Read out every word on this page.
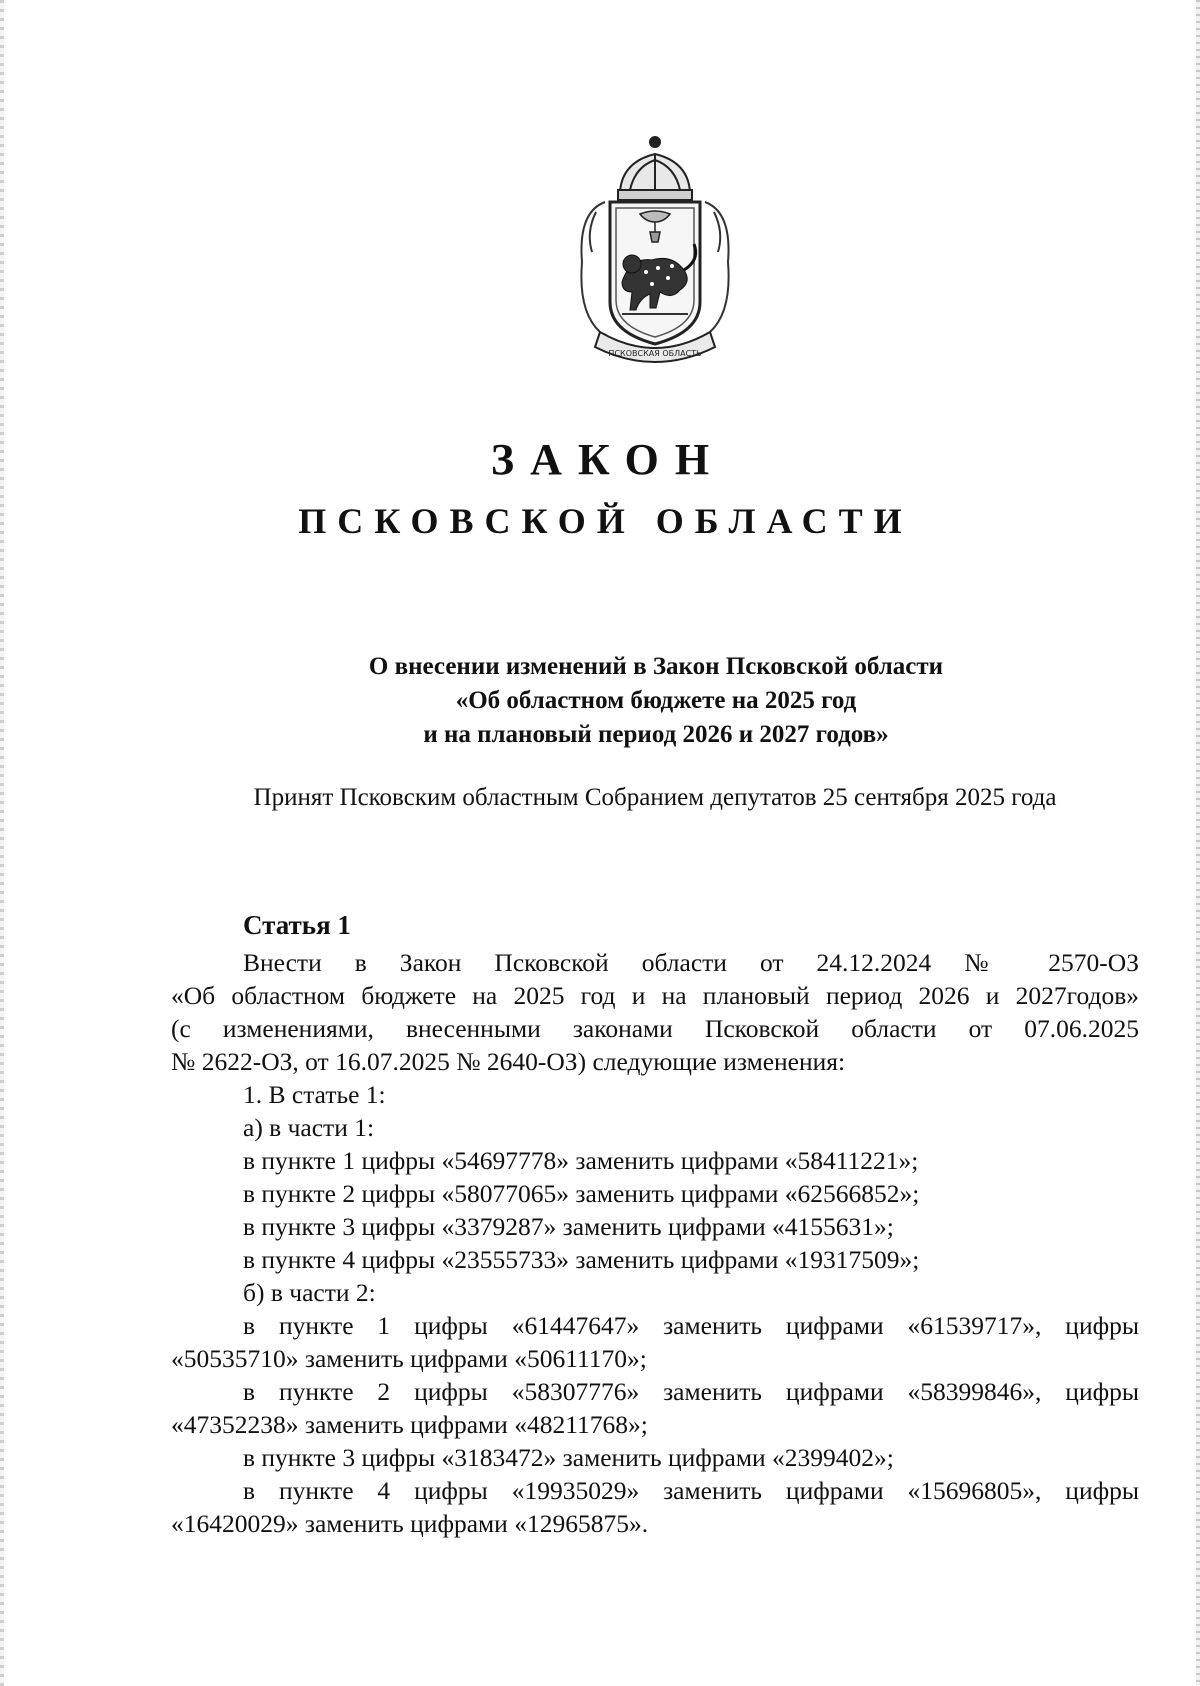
ПСКОВСКАЯ ОБЛАСТЬ
ЗАКОН
ПСКОВСКОЙ ОБЛАСТИ
О внесении изменений в Закон Псковской области
«Об областном бюджете на 2025 год
и на плановый период 2026 и 2027 годов»
Принят Псковским областным Собранием депутатов 25 сентября 2025 года
Статья 1

Внести в Закон Псковской области от 24.12.2024 № 2570-ОЗ

«Об областном бюджете на 2025 год и на плановый период 2026 и 2027годов»

(с изменениями, внесенными законами Псковской области от 07.06.2025

№ 2622-ОЗ, от 16.07.2025 № 2640-ОЗ) следующие изменения:

1. В статье 1:

а) в части 1:

в пункте 1 цифры «54697778» заменить цифрами «58411221»;

в пункте 2 цифры «58077065» заменить цифрами «62566852»;

в пункте 3 цифры «3379287» заменить цифрами «4155631»;

в пункте 4 цифры «23555733» заменить цифрами «19317509»;

б) в части 2:

в пункте 1 цифры «61447647» заменить цифрами «61539717», цифры

«50535710» заменить цифрами «50611170»;

в пункте 2 цифры «58307776» заменить цифрами «58399846», цифры

«47352238» заменить цифрами «48211768»;

в пункте 3 цифры «3183472» заменить цифрами «2399402»;

в пункте 4 цифры «19935029» заменить цифрами «15696805», цифры

«16420029» заменить цифрами «12965875».
